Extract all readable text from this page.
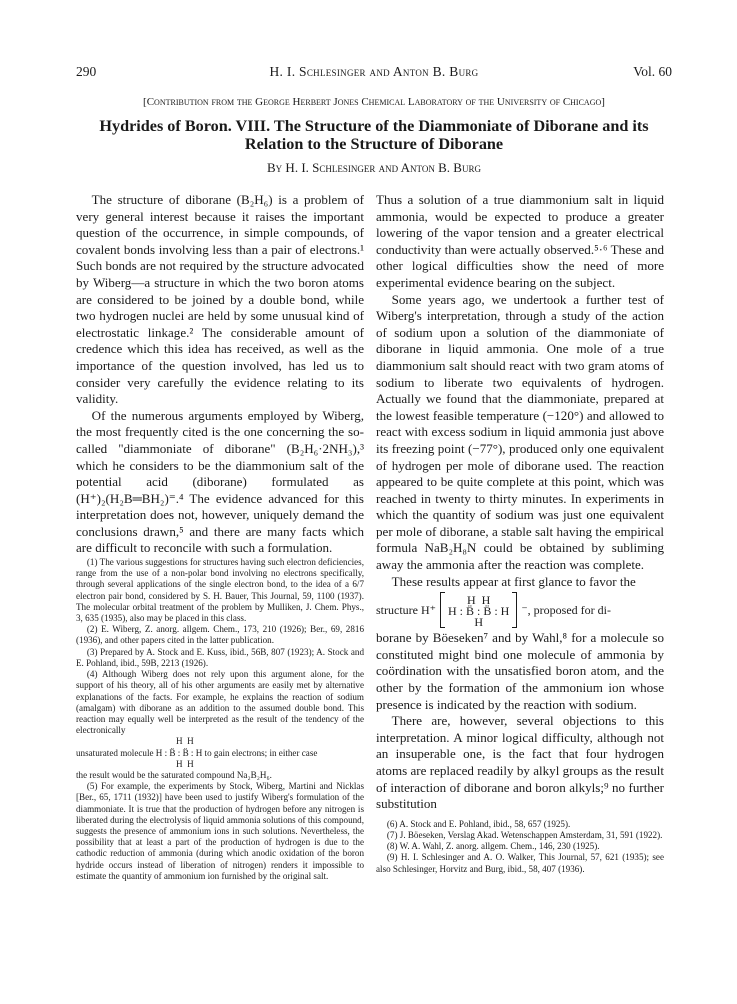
290	H. I. Schlesinger and Anton B. Burg	Vol. 60
[Contribution from the George Herbert Jones Chemical Laboratory of the University of Chicago]
Hydrides of Boron. VIII. The Structure of the Diammoniate of Diborane and its Relation to the Structure of Diborane
By H. I. Schlesinger and Anton B. Burg

The structure of diborane (B₂H₆) is a problem of very general interest because it raises the important question of the occurrence, in simple compounds, of covalent bonds involving less than a pair of electrons.¹ Such bonds are not required by the structure advocated by Wiberg—a structure in which the two boron atoms are considered to be joined by a double bond, while two hydrogen nuclei are held by some unusual kind of electrostatic linkage.² The considerable amount of credence which this idea has received, as well as the importance of the question involved, has led us to consider very carefully the evidence relating to its validity.

Of the numerous arguments employed by Wiberg, the most frequently cited is the one concerning the so-called "diammoniate of diborane" (B₂H₆·2NH₃),³ which he considers to be the diammonium salt of the potential acid (diborane) formulated as (H⁺)₂(H₂B═BH₂)⁼.⁴ The evidence advanced for this interpretation does not, however, uniquely demand the conclusions drawn,⁵ and there are many facts which are difficult to reconcile with such a formulation.

(1) The various suggestions for structures having such electron deficiencies, range from the use of a non-polar bond involving no electrons specifically, through several applications of the single electron bond, to the idea of a 6/7 electron pair bond, considered by S. H. Bauer, This Journal, 59, 1100 (1937). The molecular orbital treatment of the problem by Mulliken, J. Chem. Phys., 3, 635 (1935), also may be placed in this class.

(2) E. Wiberg, Z. anorg. allgem. Chem., 173, 210 (1926); Ber., 69, 2816 (1936), and other papers cited in the latter publication.

(3) Prepared by A. Stock and E. Kuss, ibid., 56B, 807 (1923); A. Stock and E. Pohland, ibid., 59B, 2213 (1926).

(4) Although Wiberg does not rely upon this argument alone, for the support of his theory, all of his other arguments are easily met by alternative explanations of the facts. For example, he explains the reaction of sodium (amalgam) with diborane as an addition to the assumed double bond. This reaction may equally well be interpreted as the result of the tendency of the electronically

H  H

unsaturated molecule H : B̈ : B̈ : H to gain electrons; in either case

H  H

the result would be the saturated compound Na₂B₂H₆.

(5) For example, the experiments by Stock, Wiberg, Martini and Nicklas [Ber., 65, 1711 (1932)] have been used to justify Wiberg's formulation of the diammoniate. It is true that the production of hydrogen before any nitrogen is liberated during the electrolysis of liquid ammonia solutions of this compound, suggests the presence of ammonium ions in such solutions. Nevertheless, the possibility that at least a part of the production of hydrogen is due to the cathodic reduction of ammonia (during which anodic oxidation of the boron hydride occurs instead of liberation of nitrogen) renders it impossible to estimate the quantity of ammonium ion furnished by the original salt.

Thus a solution of a true diammonium salt in liquid ammonia, would be expected to produce a greater lowering of the vapor tension and a greater electrical conductivity than were actually observed.⁵·⁶ These and other logical difficulties show the need of more experimental evidence bearing on the subject.

Some years ago, we undertook a further test of Wiberg's interpretation, through a study of the action of sodium upon a solution of the diammoniate of diborane in liquid ammonia. One mole of a true diammonium salt should react with two gram atoms of sodium to liberate two equivalents of hydrogen. Actually we found that the diammoniate, prepared at the lowest feasible temperature (−120°) and allowed to react with excess sodium in liquid ammonia just above its freezing point (−77°), produced only one equivalent of hydrogen per mole of diborane used. The reaction appeared to be quite complete at this point, which was reached in twenty to thirty minutes. In experiments in which the quantity of sodium was just one equivalent per mole of diborane, a stable salt having the empirical formula NaB₂H₈N could be obtained by subliming away the ammonia after the reaction was complete.

These results appear at first glance to favor the

structure H⁺
H  H
H : B̈ : B̈ : H
H
⁻, proposed for di-

borane by Böeseken⁷ and by Wahl,⁸ for a molecule so constituted might bind one molecule of ammonia by coördination with the unsatisfied boron atom, and the other by the formation of the ammonium ion whose presence is indicated by the reaction with sodium.

There are, however, several objections to this interpretation. A minor logical difficulty, although not an insuperable one, is the fact that four hydrogen atoms are replaced readily by alkyl groups as the result of interaction of diborane and boron alkyls;⁹ no further substitution

(6) A. Stock and E. Pohland, ibid., 58, 657 (1925).

(7) J. Böeseken, Verslag Akad. Wetenschappen Amsterdam, 31, 591 (1922).

(8) W. A. Wahl, Z. anorg. allgem. Chem., 146, 230 (1925).

(9) H. I. Schlesinger and A. O. Walker, This Journal, 57, 621 (1935); see also Schlesinger, Horvitz and Burg, ibid., 58, 407 (1936).
